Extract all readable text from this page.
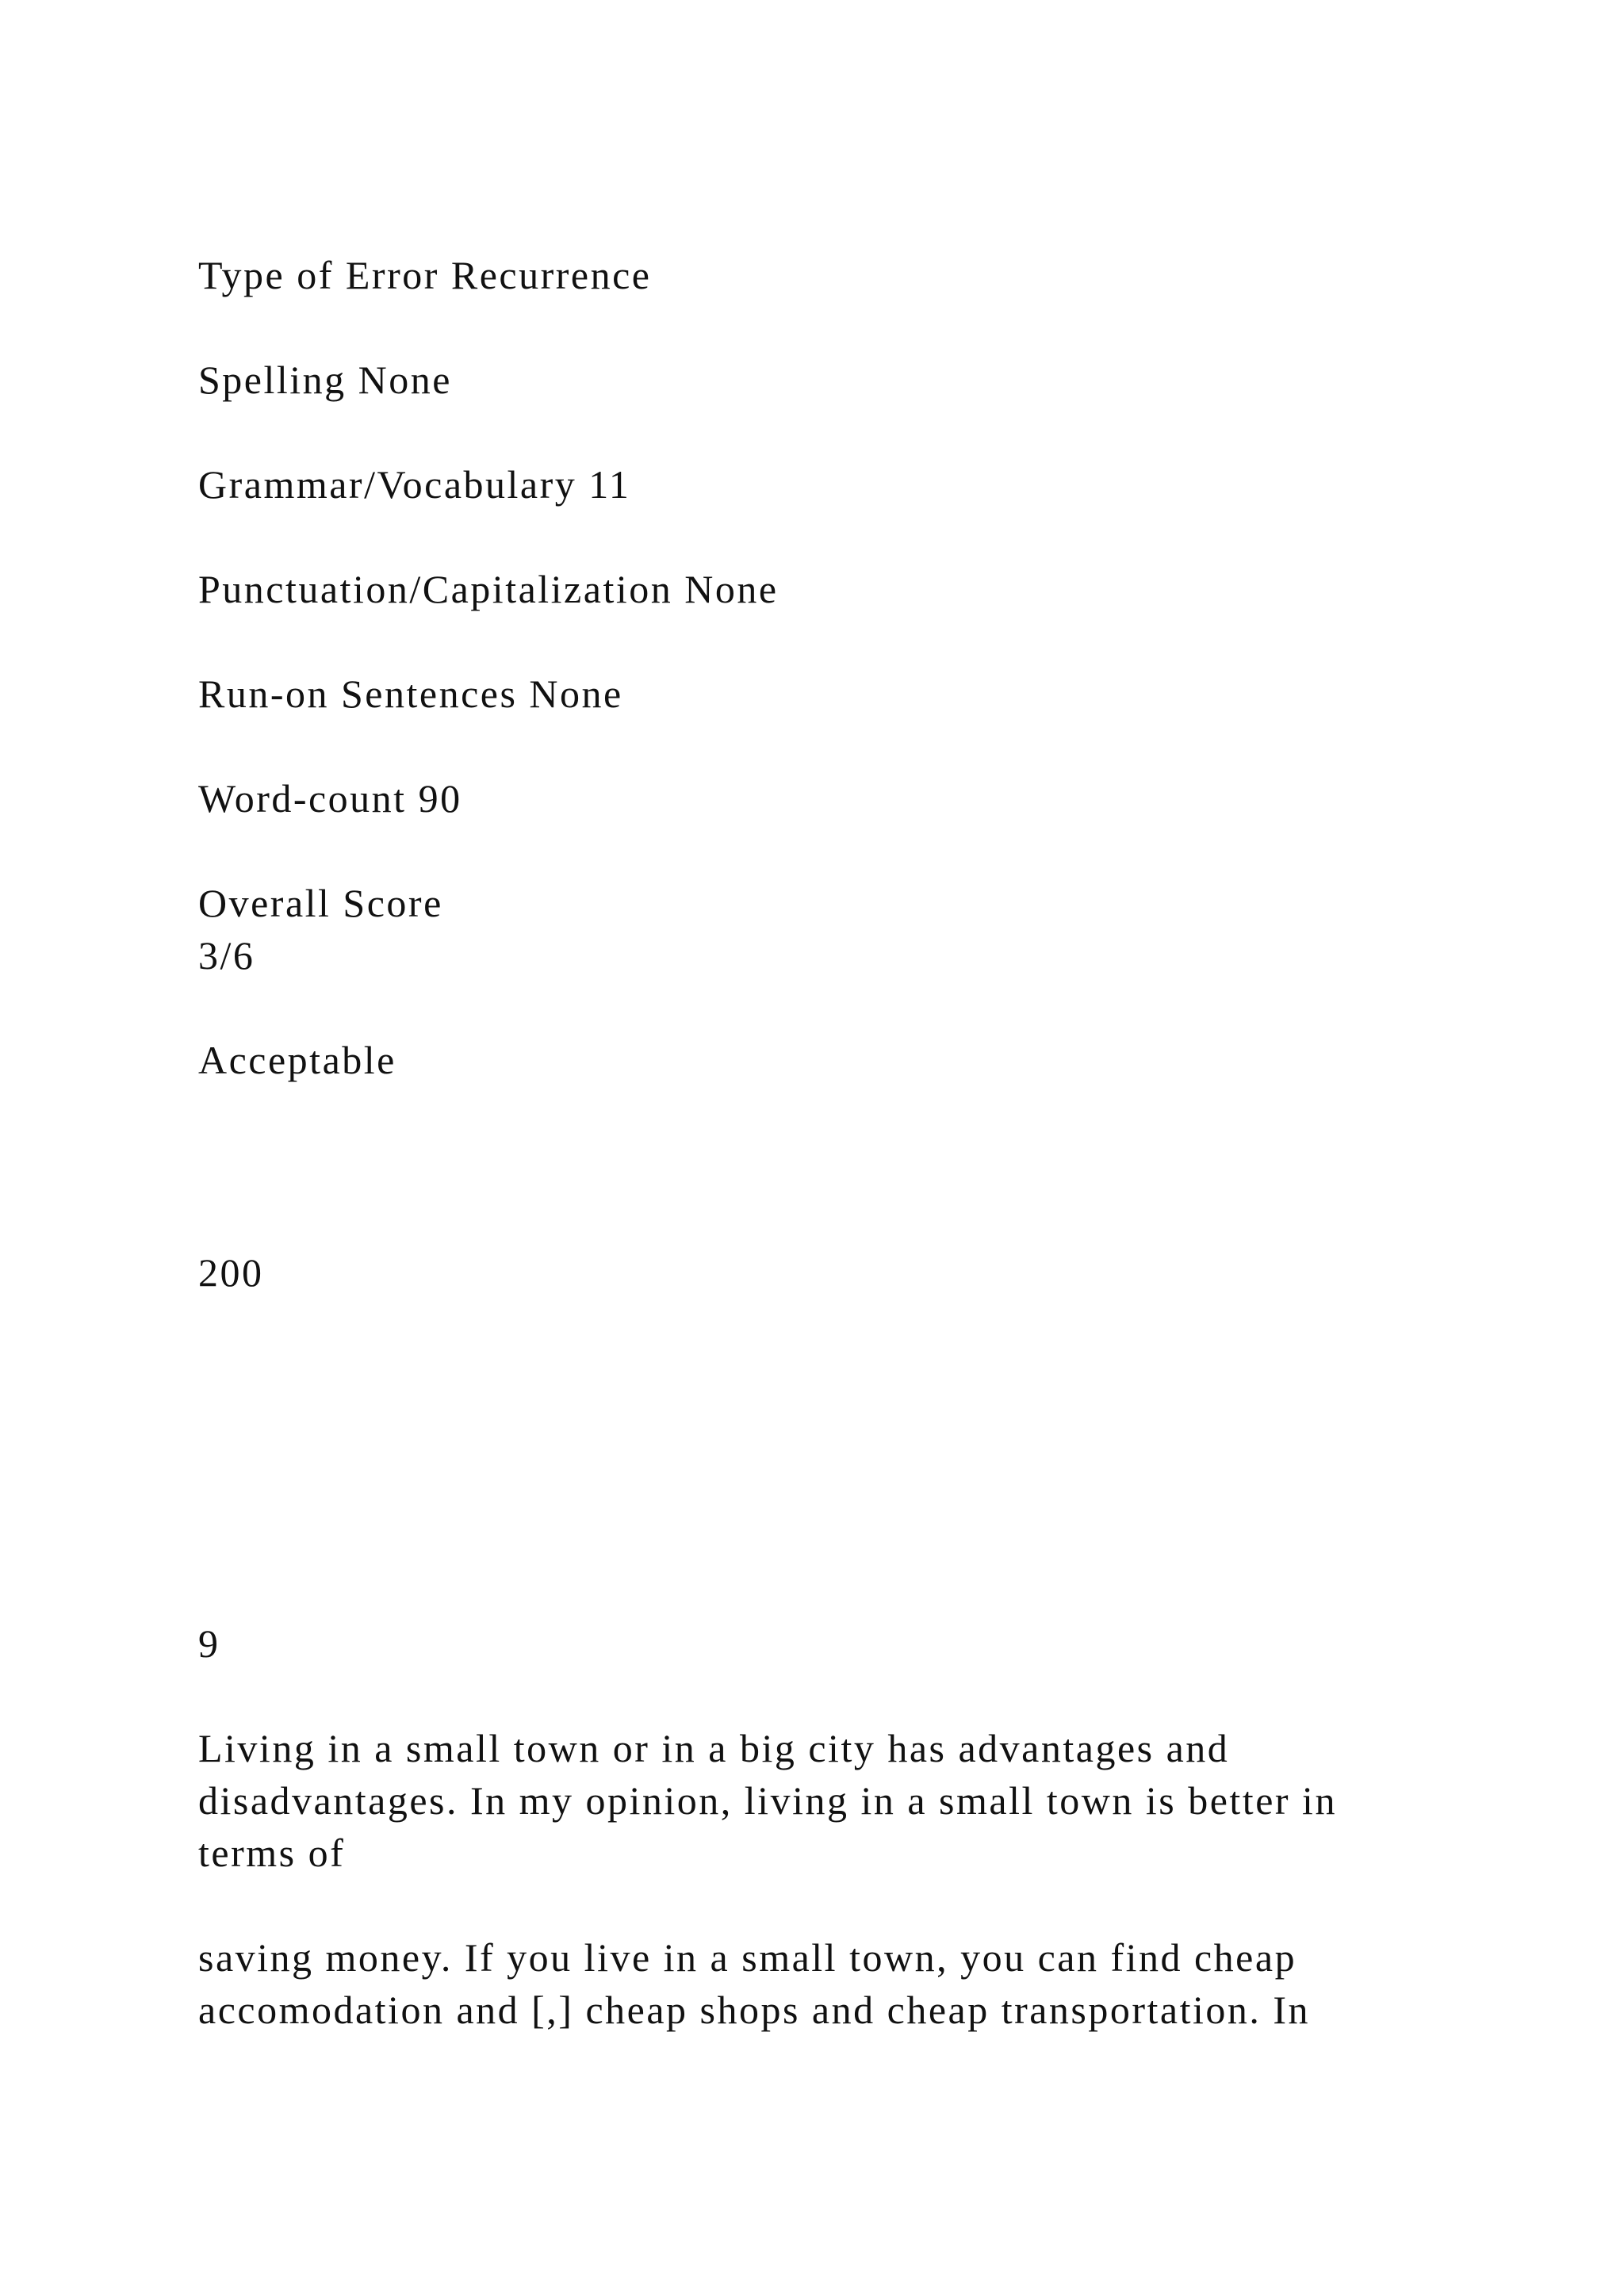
Type of Error Recurrence
Spelling None
Grammar/Vocabulary 11
Punctuation/Capitalization None
Run-on Sentences None
Word-count 90
Overall Score
3/6
Acceptable
200
9
Living in a small town or in a big city has advantages and
disadvantages. In my opinion, living in a small town is better in
terms of
saving money. If you live in a small town, you can find cheap
accomodation and [,] cheap shops and cheap transportation. In
